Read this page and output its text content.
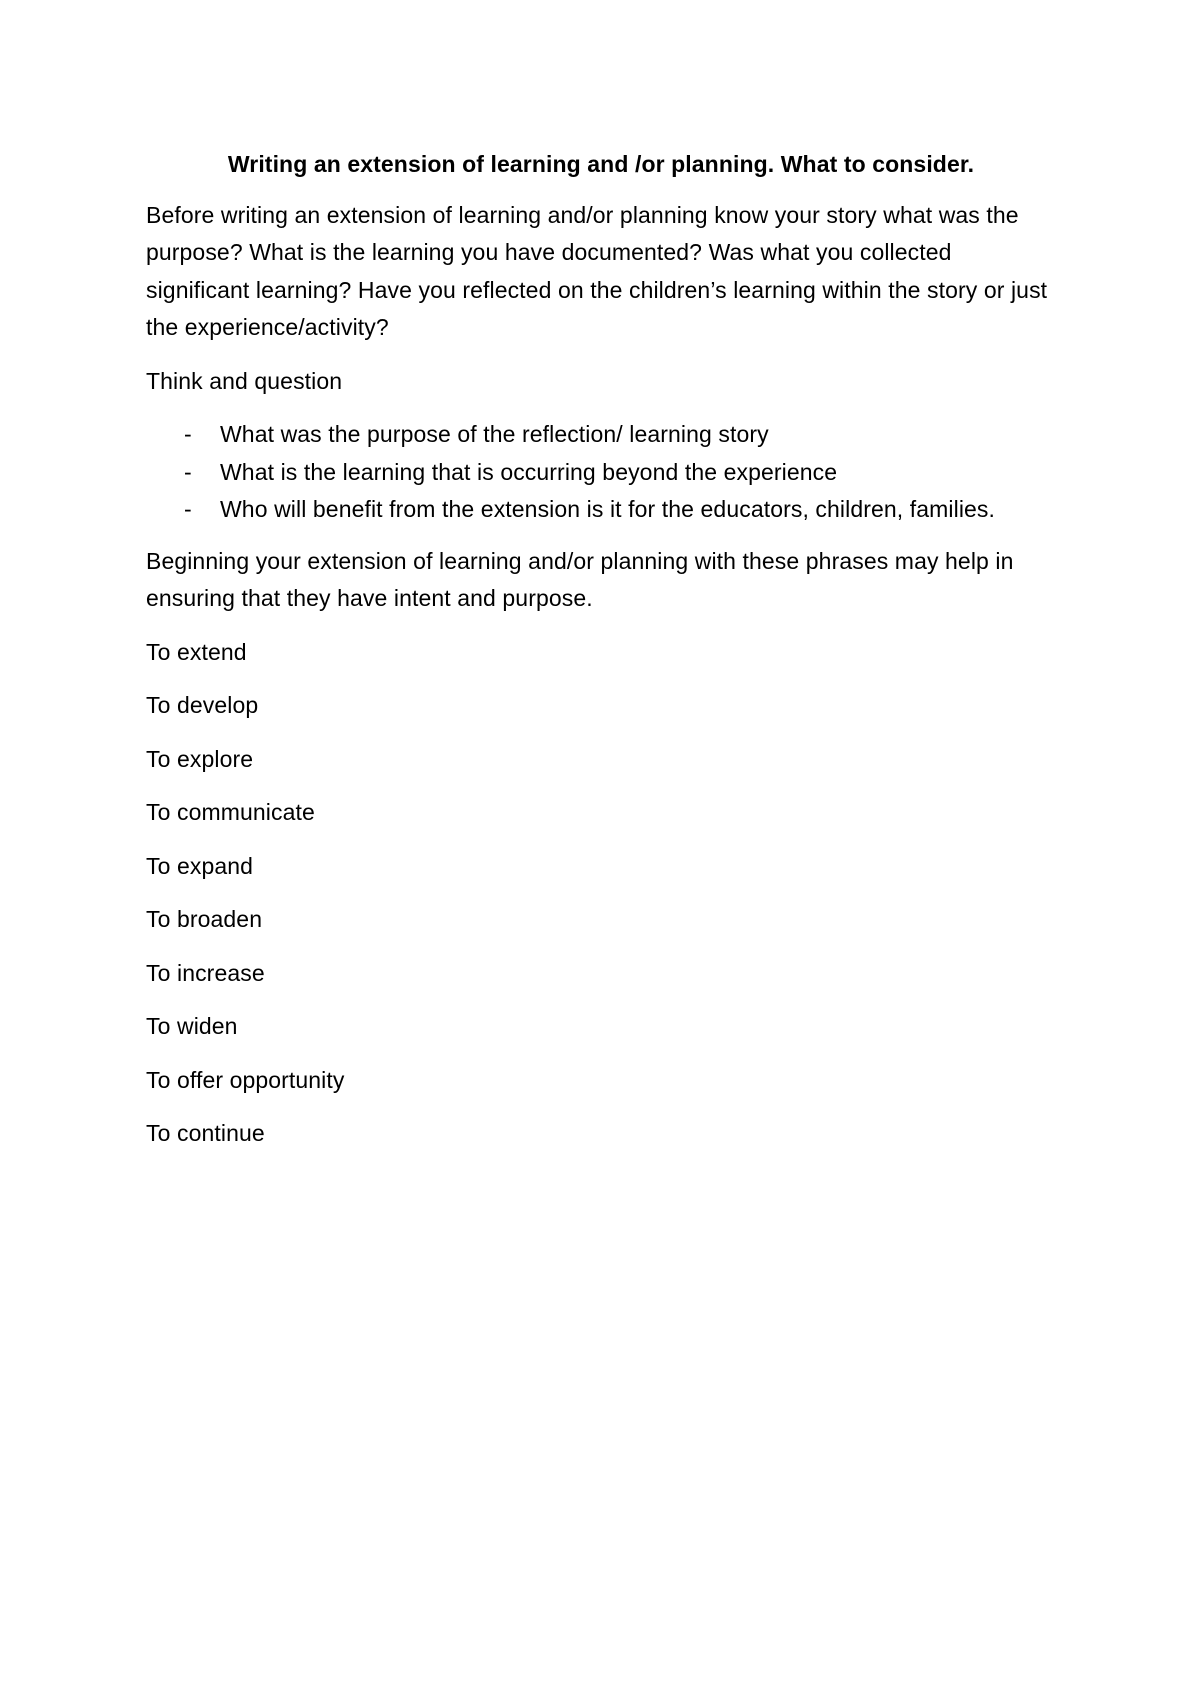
Writing an extension of learning and /or planning. What to consider.

Before writing an extension of learning and/or planning know your story what was the purpose? What is the learning you have documented? Was what you collected significant learning? Have you reflected on the children’s learning within the story or just the experience/activity?

Think and question

- What was the purpose of the reflection/ learning story
- What is the learning that is occurring beyond the experience
- Who will benefit from the extension is it for the educators, children, families.

Beginning your extension of learning and/or planning with these phrases may help in ensuring that they have intent and purpose.

To extend

To develop

To explore

To communicate

To expand

To broaden

To increase

To widen

To offer opportunity

To continue
